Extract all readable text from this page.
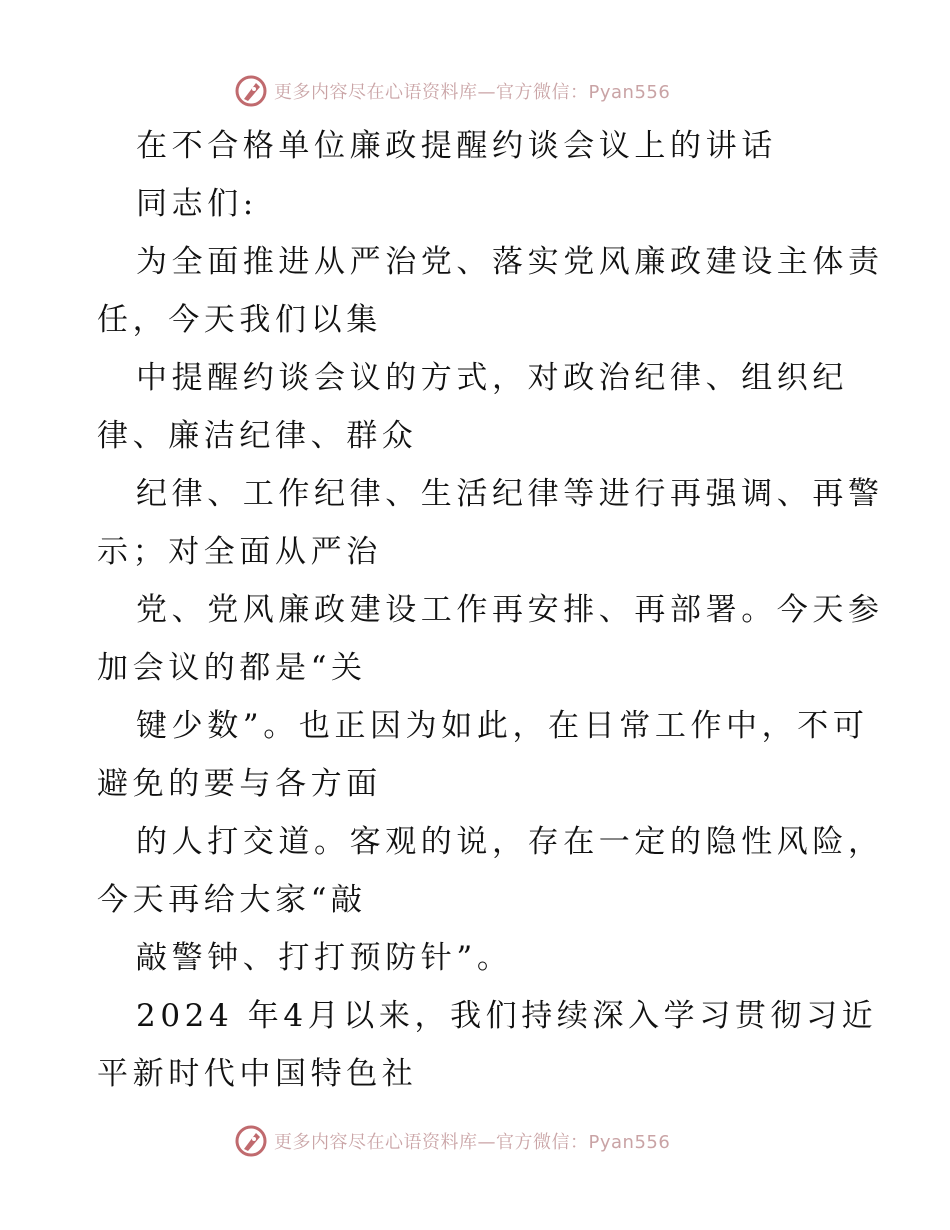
更多内容尽在心语资料库—官方微信：Pyan556
在不合格单位廉政提醒约谈会议上的讲话
同志们:
为全面推进从严治党、落实党风廉政建设主体责
任，今天我们以集
中提醒约谈会议的方式，对政治纪律、组织纪
律、廉洁纪律、群众
纪律、工作纪律、生活纪律等进行再强调、再警
示；对全面从严治
党、党风廉政建设工作再安排、再部署。今天参
加会议的都是“关
键少数”。也正因为如此，在日常工作中，不可
避免的要与各方面
的人打交道。客观的说，存在一定的隐性风险，
今天再给大家“敲
敲警钟、打打预防针”。
2024 年4月以来，我们持续深入学习贯彻习近
平新时代中国特色社
更多内容尽在心语资料库—官方微信：Pyan556
